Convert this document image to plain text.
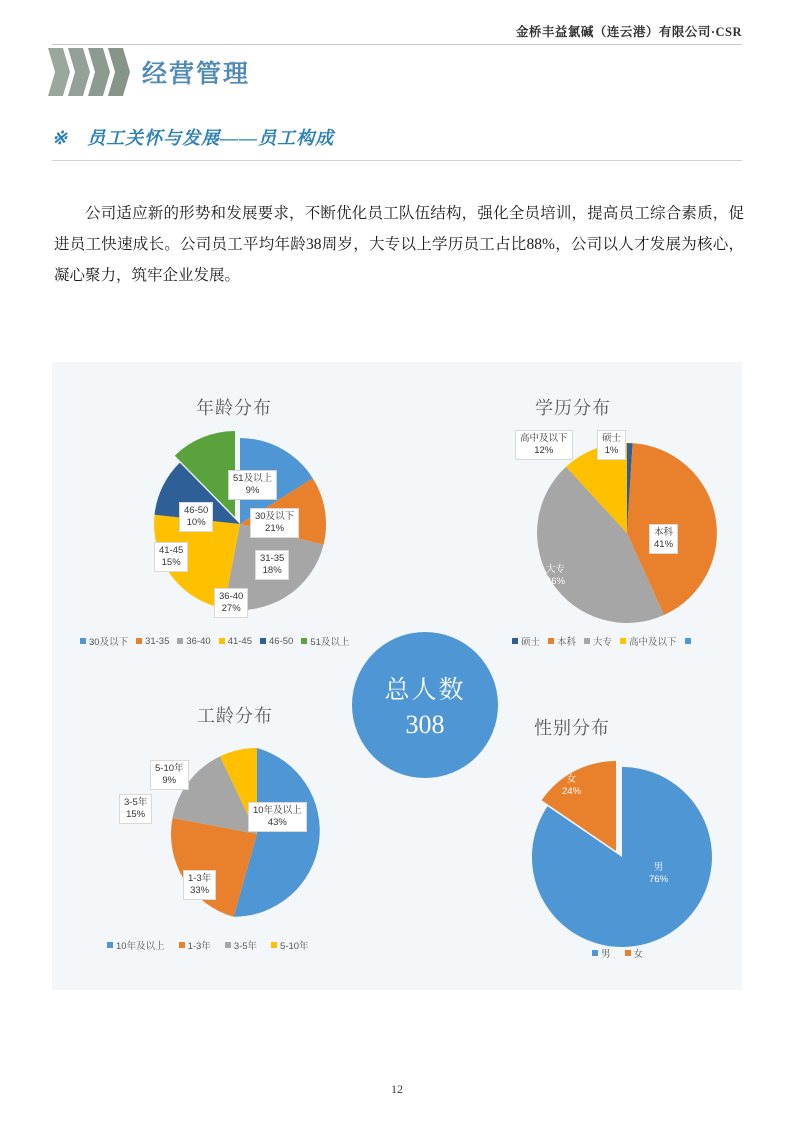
金桥丰益氯碱（连云港）有限公司·CSR
经营管理
※ 员工关怀与发展——员工构成
公司适应新的形势和发展要求，不断优化员工队伍结构，强化全员培训，提高员工综合素质，促进员工快速成长。公司员工平均年龄38周岁，大专以上学历员工占比88%，公司以人才发展为核心，凝心聚力，筑牢企业发展。
年龄分布
51及以上
9%
30及以下
21%
46-50
10%
41-45
15%	31-35
18%
36-40
27%
30及以下 31-35 36-40 41-45 46-50 51及以上
学历分布
高中及以下
12%
硕士
1%
本科
41%
大专
46%
硕士 本科 大专 高中及以下
总人数
308
工龄分布
5-10年
9%
3-5年
15%	10年及以上
43%
1-3年
33%
10年及以上 1-3年 3-5年 5-10年
性别分布
女
24%
男
76%
男 女
12
